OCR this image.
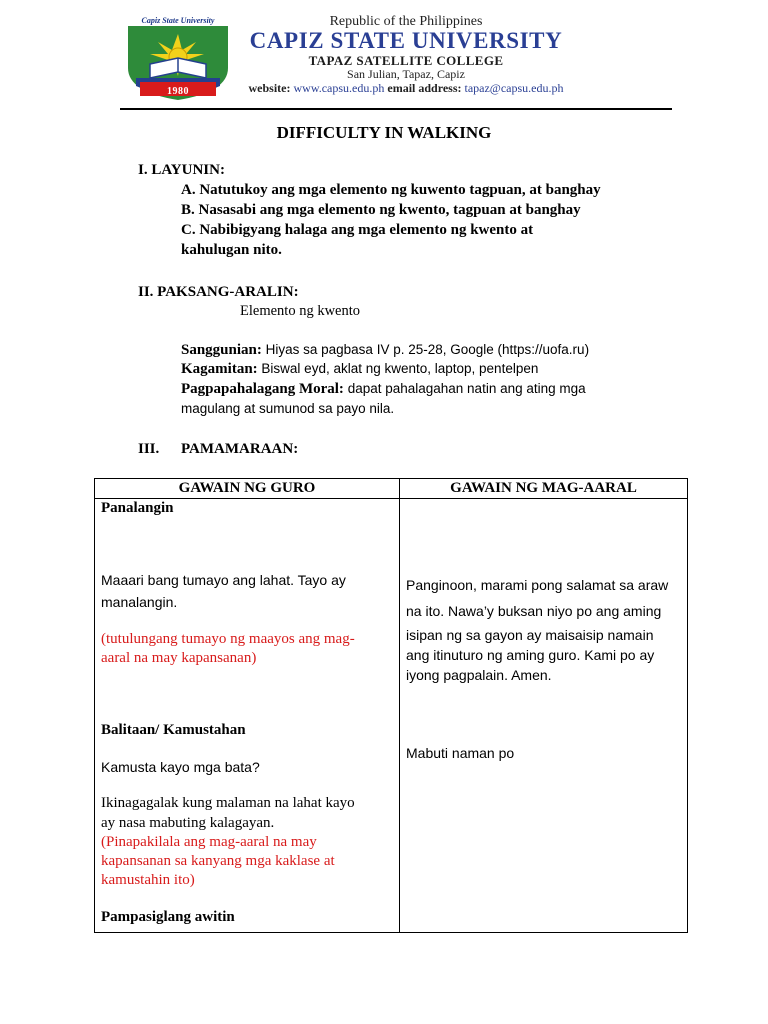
Capiz State University
1980
Republic of the Philippines
CAPIZ STATE UNIVERSITY
TAPAZ SATELLITE COLLEGE
San Julian, Tapaz, Capiz
website: www.capsu.edu.ph email address: tapaz@capsu.edu.ph
DIFFICULTY IN WALKING
I. LAYUNIN:
A. Natutukoy ang mga elemento ng kuwento tagpuan, at banghay
B. Nasasabi ang mga elemento ng kwento, tagpuan at banghay
C. Nabibigyang halaga ang mga elemento ng kwento at
kahulugan nito.
II. PAKSANG-ARALIN:
Elemento ng kwento
Sanggunian: Hiyas sa pagbasa IV p. 25-28, Google (https://uofa.ru)
Kagamitan: Biswal eyd, aklat ng kwento, laptop, pentelpen
Pagpapahalagang Moral: dapat pahalagahan natin ang ating mga
magulang at sumunod sa payo nila.
III. PAMAMARAAN:
GAWAIN NG GURO	GAWAIN NG MAG-AARAL
Panalangin
Maaari bang tumayo ang lahat. Tayo ay
manalangin.
(tutulungang tumayo ng maayos ang mag-
aaral na may kapansanan)
Balitaan/ Kamustahan
Kamusta kayo mga bata?
Ikinagagalak kung malaman na lahat kayo
ay nasa mabuting kalagayan.
(Pinapakilala ang mag-aaral na may
kapansanan sa kanyang mga kaklase at
kamustahin ito)
Pampasiglang awitin
Panginoon, marami pong salamat sa araw
na ito. Nawa’y buksan niyo po ang aming
isipan ng sa gayon ay maisaisip namain
ang itinuturo ng aming guro. Kami po ay
iyong pagpalain. Amen.
Mabuti naman po
